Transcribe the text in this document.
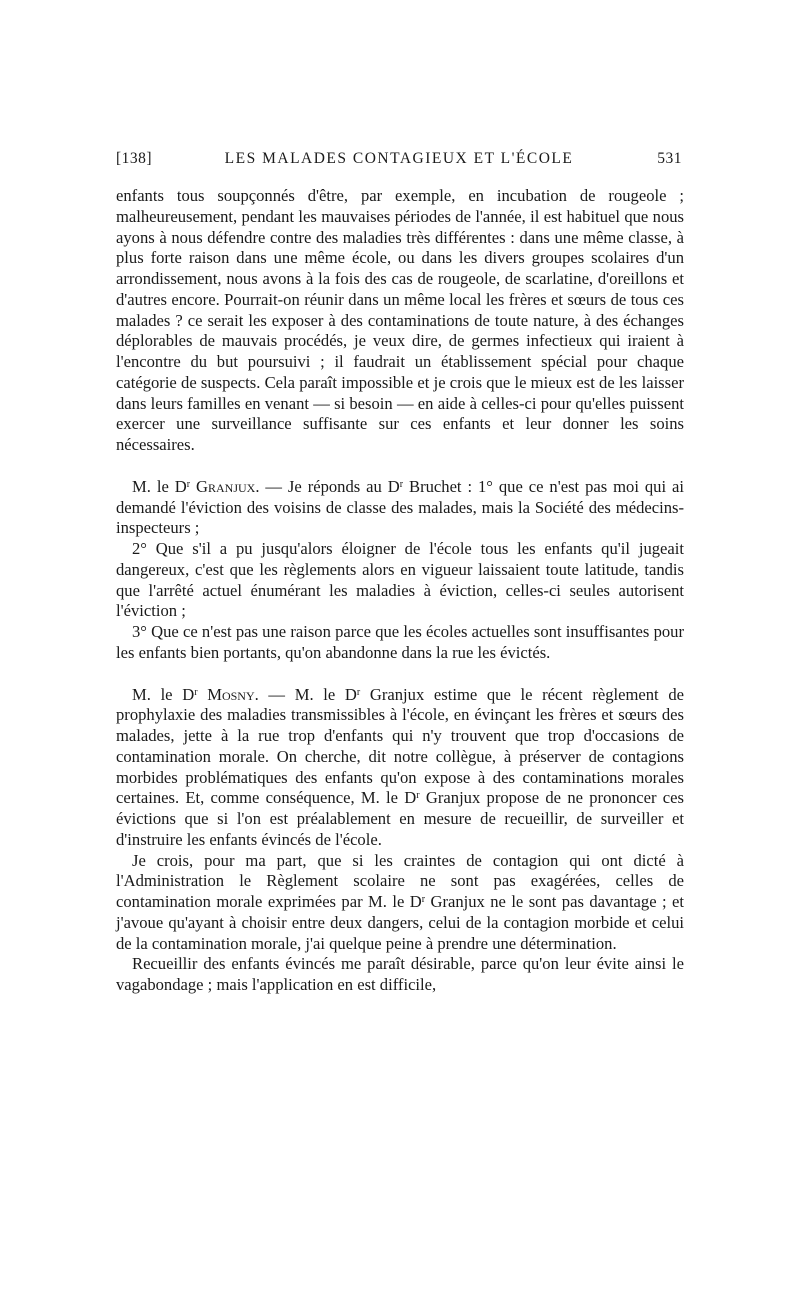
[138]	LES MALADES CONTAGIEUX ET L'ÉCOLE	531

enfants tous soupçonnés d'être, par exemple, en incubation de rougeole ; malheureusement, pendant les mauvaises périodes de l'année, il est habituel que nous ayons à nous défendre contre des maladies très différentes : dans une même classe, à plus forte raison dans une même école, ou dans les divers groupes scolaires d'un arrondissement, nous avons à la fois des cas de rougeole, de scarlatine, d'oreillons et d'autres encore. Pourrait-on réunir dans un même local les frères et sœurs de tous ces malades ? ce serait les exposer à des contaminations de toute nature, à des échanges déplorables de mauvais procédés, je veux dire, de germes infectieux qui iraient à l'encontre du but poursuivi ; il faudrait un établissement spécial pour chaque catégorie de suspects. Cela paraît impossible et je crois que le mieux est de les laisser dans leurs familles en venant — si besoin — en aide à celles-ci pour qu'elles puissent exercer une surveillance suffisante sur ces enfants et leur donner les soins nécessaires.

M. le $D^r$ Granjux. — Je réponds au $D^r$ Bruchet : 1° que ce n'est pas moi qui ai demandé l'éviction des voisins de classe des malades, mais la Société des médecins-inspecteurs ;

2° Que s'il a pu jusqu'alors éloigner de l'école tous les enfants qu'il jugeait dangereux, c'est que les règlements alors en vigueur laissaient toute latitude, tandis que l'arrêté actuel énumérant les maladies à éviction, celles-ci seules autorisent l'éviction ;

3° Que ce n'est pas une raison parce que les écoles actuelles sont insuffisantes pour les enfants bien portants, qu'on abandonne dans la rue les évictés.

M. le $D^r$ Mosny. — M. le $D^r$ Granjux estime que le récent règlement de prophylaxie des maladies transmissibles à l'école, en évinçant les frères et sœurs des malades, jette à la rue trop d'enfants qui n'y trouvent que trop d'occasions de contamination morale. On cherche, dit notre collègue, à préserver de contagions morbides problématiques des enfants qu'on expose à des contaminations morales certaines. Et, comme conséquence, M. le $D^r$ Granjux propose de ne prononcer ces évictions que si l'on est préalablement en mesure de recueillir, de surveiller et d'instruire les enfants évincés de l'école.

Je crois, pour ma part, que si les craintes de contagion qui ont dicté à l'Administration le Règlement scolaire ne sont pas exagérées, celles de contamination morale exprimées par M. le $D^r$ Granjux ne le sont pas davantage ; et j'avoue qu'ayant à choisir entre deux dangers, celui de la contagion morbide et celui de la contamination morale, j'ai quelque peine à prendre une détermination.

Recueillir des enfants évincés me paraît désirable, parce qu'on leur évite ainsi le vagabondage ; mais l'application en est difficile,
